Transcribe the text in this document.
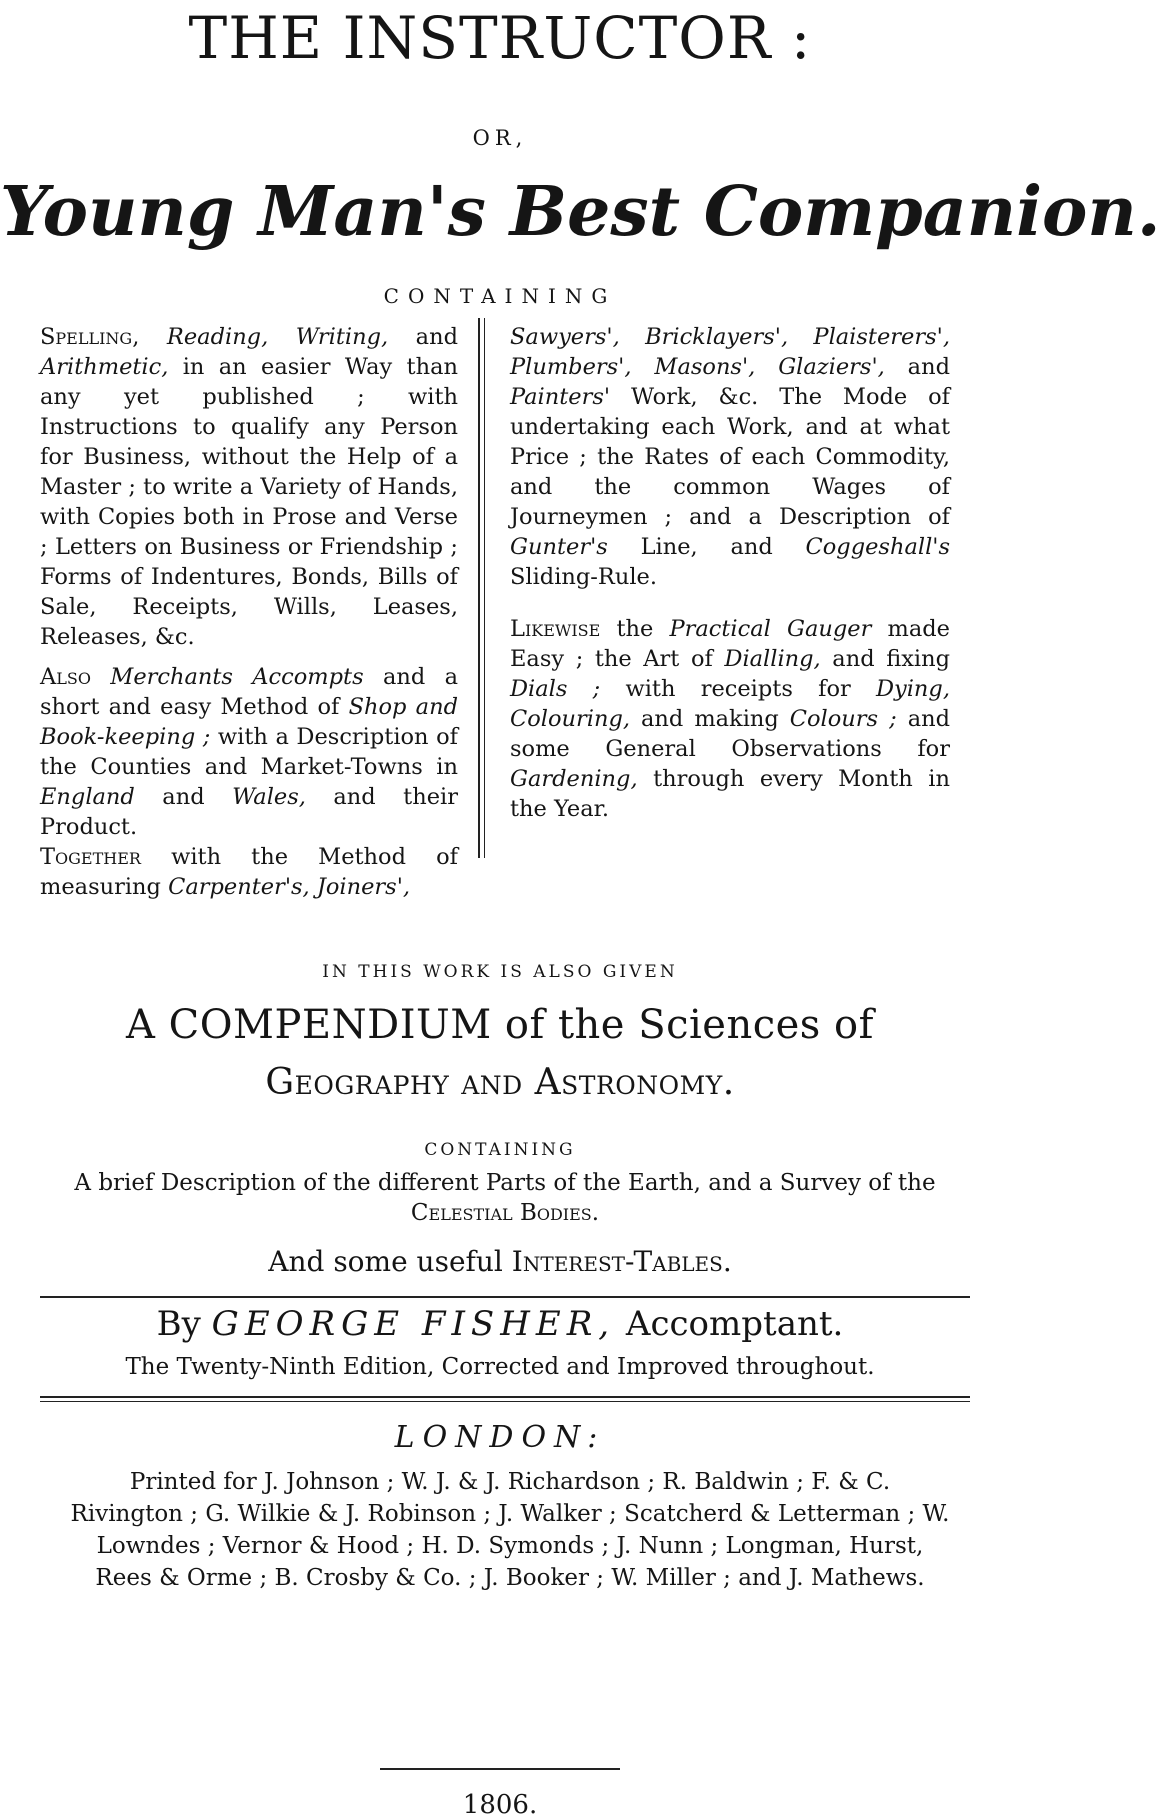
THE INSTRUCTOR :
OR,
Young Man's Best Companion.
CONTAINING

Spelling, Reading, Writing, and Arithmetic, in an easier Way than any yet published ; with Instructions to qualify any Person for Business, without the Help of a Master ; to write a Variety of Hands, with Copies both in Prose and Verse ; Letters on Business or Friendship ; Forms of Indentures, Bonds, Bills of Sale, Receipts, Wills, Leases, Releases, &c.

Also Merchants Accompts and a short and easy Method of Shop and Book-keeping ; with a Description of the Counties and Market-Towns in England and Wales, and their Product.

Together with the Method of measuring Carpenter's, Joiners',

Sawyers', Bricklayers', Plaisterers', Plumbers', Masons', Glaziers', and Painters' Work, &c. The Mode of undertaking each Work, and at what Price ; the Rates of each Commodity, and the common Wages of Journeymen ; and a Description of Gunter's Line, and Coggeshall's Sliding-Rule.

Likewise the Practical Gauger made Easy ; the Art of Dialling, and fixing Dials ; with receipts for Dying, Colouring, and making Colours ; and some General Observations for Gardening, through every Month in the Year.

IN THIS WORK IS ALSO GIVEN
A COMPENDIUM of the Sciences of
Geography and Astronomy.
CONTAINING
A brief Description of the different Parts of the Earth, and a Survey of the Celestial Bodies.
And some useful Interest-Tables.
By GEORGE FISHER, Accomptant.
The Twenty-Ninth Edition, Corrected and Improved throughout.
LONDON:
Printed for J. Johnson ; W. J. & J. Richardson ; R. Baldwin ; F. & C. Rivington ; G. Wilkie & J. Robinson ; J. Walker ; Scatcherd & Letterman ; W. Lowndes ; Vernor & Hood ; H. D. Symonds ; J. Nunn ; Longman, Hurst, Rees & Orme ; B. Crosby & Co. ; J. Booker ; W. Miller ; and J. Mathews.
1806.
